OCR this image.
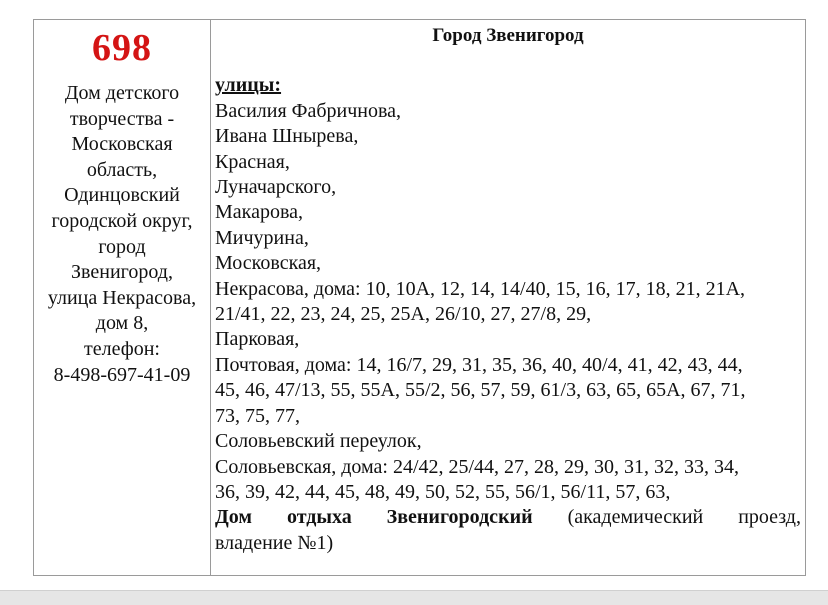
698
Дом детского
творчества -
Московская
область,
Одинцовский
городской округ,
город
Звенигород,
улица Некрасова,
дом 8,
телефон:
8-498-697-41-09
Город Звенигород
улицы:
Василия Фабричнова,
Ивана Шнырева,
Красная,
Луначарского,
Макарова,
Мичурина,
Московская,
Некрасова, дома: 10, 10А, 12, 14, 14/40, 15, 16, 17, 18, 21, 21А,
21/41, 22, 23, 24, 25, 25А, 26/10, 27, 27/8, 29,
Парковая,
Почтовая, дома: 14, 16/7, 29, 31, 35, 36, 40, 40/4, 41, 42, 43, 44,
45, 46, 47/13, 55, 55А, 55/2, 56, 57, 59, 61/3, 63, 65, 65А, 67, 71,
73, 75, 77,
Соловьевский переулок,
Соловьевская, дома: 24/42, 25/44, 27, 28, 29, 30, 31, 32, 33, 34,
36, 39, 42, 44, 45, 48, 49, 50, 52, 55, 56/1, 56/11, 57, 63,
Дом отдыха Звенигородский (академический проезд,
владение №1)
